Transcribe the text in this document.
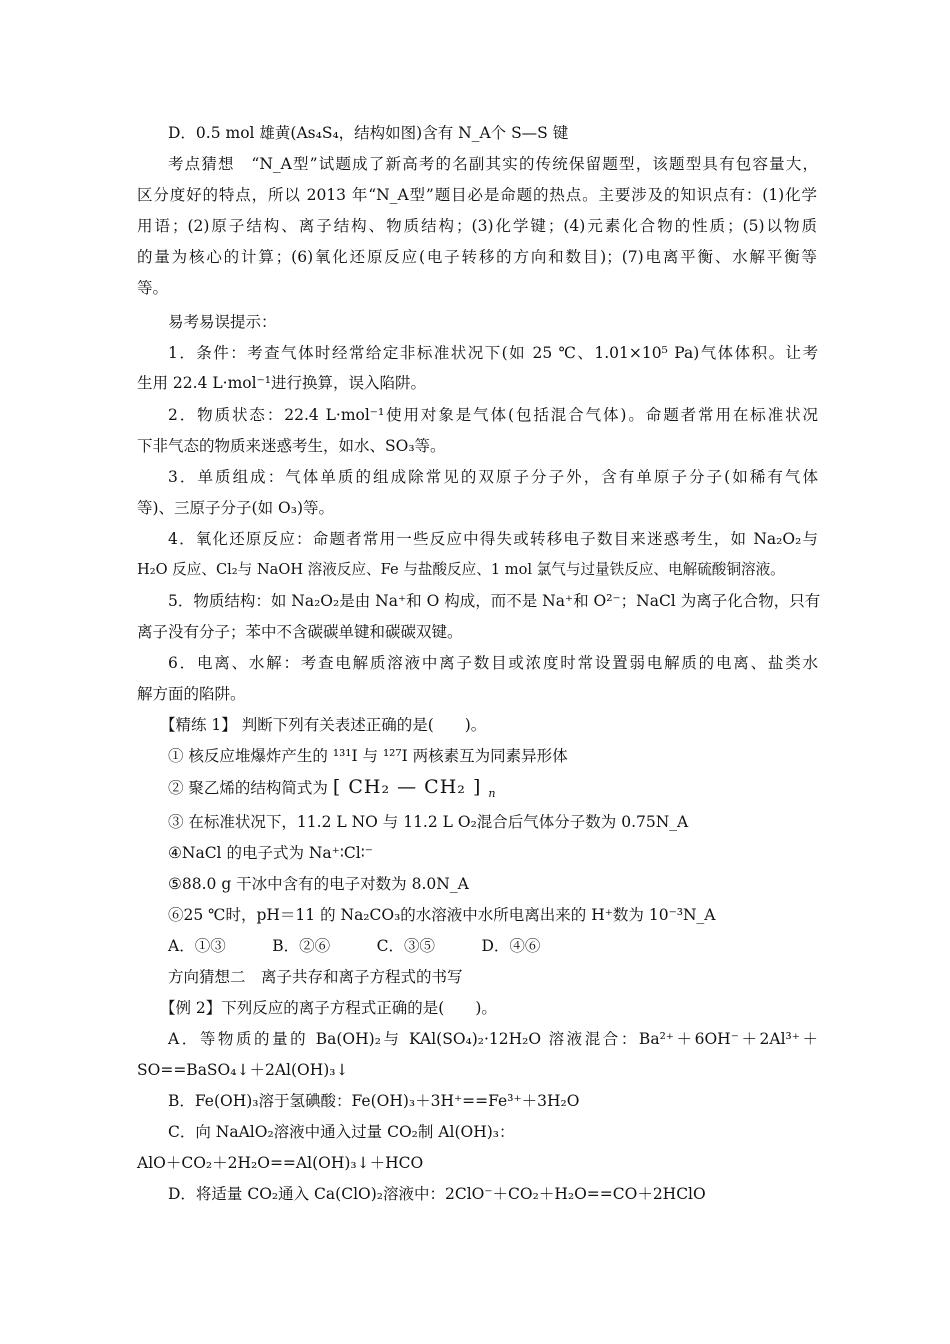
D．0.5 mol 雄黄(As₄S₄，结构如图)含有 N_A个 S—S 键
考点猜想　“N_A型”试题成了新高考的名副其实的传统保留题型，该题型具有包容量大，
区分度好的特点，所以 2013 年“N_A型”题目必是命题的热点。主要涉及的知识点有：(1)化学
用语；(2)原子结构、离子结构、物质结构；(3)化学键；(4)元素化合物的性质；(5)以物质
的量为核心的计算；(6)氧化还原反应(电子转移的方向和数目)；(7)电离平衡、水解平衡等
等。
易考易误提示：
1．条件：考查气体时经常给定非标准状况下(如 25 ℃、1.01×10⁵ Pa)气体体积。让考
生用 22.4 L·mol⁻¹进行换算，误入陷阱。
2．物质状态：22.4 L·mol⁻¹使用对象是气体(包括混合气体)。命题者常用在标准状况
下非气态的物质来迷惑考生，如水、SO₃等。
3．单质组成：气体单质的组成除常见的双原子分子外，含有单原子分子(如稀有气体
等)、三原子分子(如 O₃)等。
4．氧化还原反应：命题者常用一些反应中得失或转移电子数目来迷惑考生，如 Na₂O₂与
H₂O 反应、Cl₂与 NaOH 溶液反应、Fe 与盐酸反应、1 mol 氯气与过量铁反应、电解硫酸铜溶液。
5．物质结构：如 Na₂O₂是由 Na⁺和 O 构成，而不是 Na⁺和 O²⁻；NaCl 为离子化合物，只有
离子没有分子；苯中不含碳碳单键和碳碳双键。
6．电离、水解：考查电解质溶液中离子数目或浓度时常设置弱电解质的电离、盐类水
解方面的陷阱。
【精练 1】 判断下列有关表述正确的是(　　)。
① 核反应堆爆炸产生的 ¹³¹I 与 ¹²⁷I 两核素互为同素异形体
② 聚乙烯的结构简式为 [ CH₂ — CH₂ ] $_n$
③ 在标准状况下，11.2 L NO 与 11.2 L O₂混合后气体分子数为 0.75N_A
④NaCl 的电子式为 Na⁺∶Cl∶⁻
⑤88.0 g 干冰中含有的电子对数为 8.0N_A
⑥25 ℃时，pH＝11 的 Na₂CO₃的水溶液中水所电离出来的 H⁺数为 10⁻³N_A
A．①③　　　B．②⑥　　　C．③⑤　　　D．④⑥
方向猜想二　离子共存和离子方程式的书写
【例 2】下列反应的离子方程式正确的是(　　)。
A．等物质的量的 Ba(OH)₂与 KAl(SO₄)₂·12H₂O 溶液混合：Ba²⁺＋6OH⁻＋2Al³⁺＋
SO==BaSO₄↓＋2Al(OH)₃↓
B．Fe(OH)₃溶于氢碘酸：Fe(OH)₃＋3H⁺==Fe³⁺＋3H₂O
C．向 NaAlO₂溶液中通入过量 CO₂制 Al(OH)₃：
AlO＋CO₂＋2H₂O==Al(OH)₃↓＋HCO
D．将适量 CO₂通入 Ca(ClO)₂溶液中：2ClO⁻＋CO₂＋H₂O==CO＋2HClO
